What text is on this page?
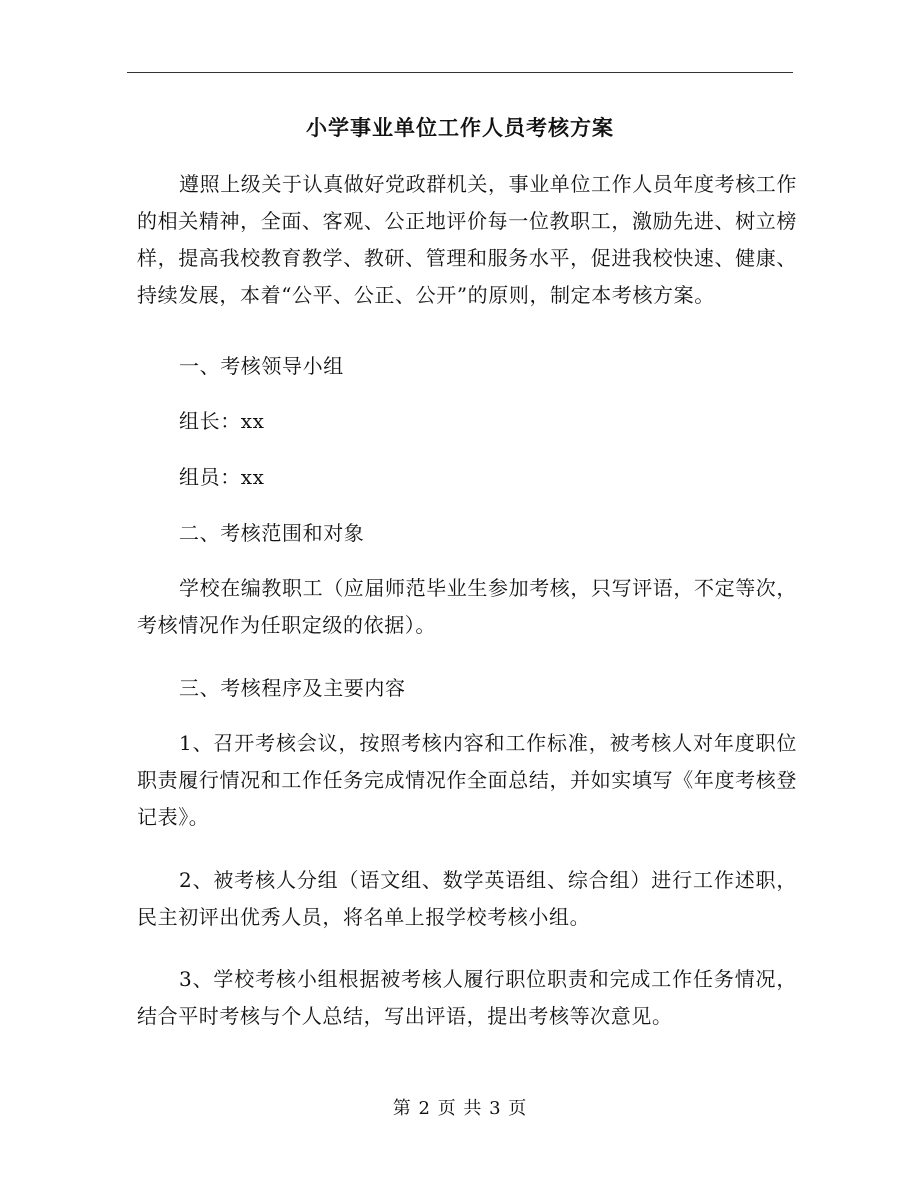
小学事业单位工作人员考核方案

遵照上级关于认真做好党政群机关，事业单位工作人员年度考核工作的相关精神，全面、客观、公正地评价每一位教职工，激励先进、树立榜样，提高我校教育教学、教研、管理和服务水平，促进我校快速、健康、持续发展，本着“公平、公正、公开”的原则，制定本考核方案。

一、考核领导小组

组长：xx

组员：xx

二、考核范围和对象

学校在编教职工（应届师范毕业生参加考核，只写评语，不定等次，考核情况作为任职定级的依据）。

三、考核程序及主要内容

1、召开考核会议，按照考核内容和工作标准，被考核人对年度职位职责履行情况和工作任务完成情况作全面总结，并如实填写《年度考核登记表》。

2、被考核人分组（语文组、数学英语组、综合组）进行工作述职，民主初评出优秀人员，将名单上报学校考核小组。

3、学校考核小组根据被考核人履行职位职责和完成工作任务情况，结合平时考核与个人总结，写出评语，提出考核等次意见。

第 2 页 共 3 页
